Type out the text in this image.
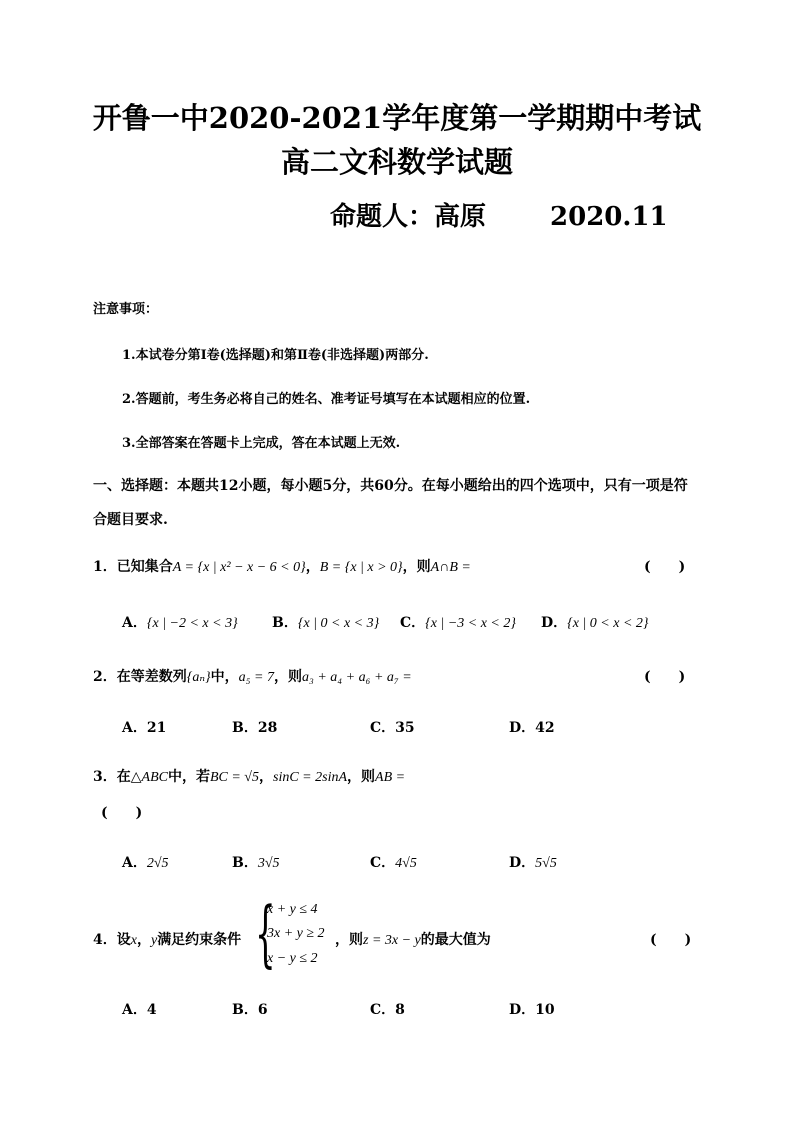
开鲁一中2020-2021学年度第一学期期中考试
高二文科数学试题
命题人：高原 2020.11
注意事项：
1.本试卷分第Ⅰ卷(选择题)和第Ⅱ卷(非选择题)两部分.
2.答题前，考生务必将自己的姓名、准考证号填写在本试题相应的位置.
3.全部答案在答题卡上完成，答在本试题上无效.
一、选择题：本题共12小题，每小题5分，共60分。在每小题给出的四个选项中，只有一项是符
合题目要求.
1．已知集合A = {x | x² − x − 6 < 0}，B = {x | x > 0}，则A∩B =	(　　)
A．{x | −2 < x < 3} B．{x | 0 < x < 3} C．{x | −3 < x < 2} D．{x | 0 < x < 2}
2．在等差数列{aₙ}中，a₅ = 7，则a₃ + a₄ + a₆ + a₇ =	(　　)
A．21	B．28	C．35	D．42
3．在△ABC中，若BC = √5，sinC = 2sinA，则AB =
(　　)
A．2√5	B．3√5	C．4√5	D．5√5
4．设x，y满足约束条件 {
x + y ≤ 4
3x + y ≥ 2
x − y ≤ 2
，则z = 3x − y的最大值为	(　　)
A．4	B．6	C．8	D．10
